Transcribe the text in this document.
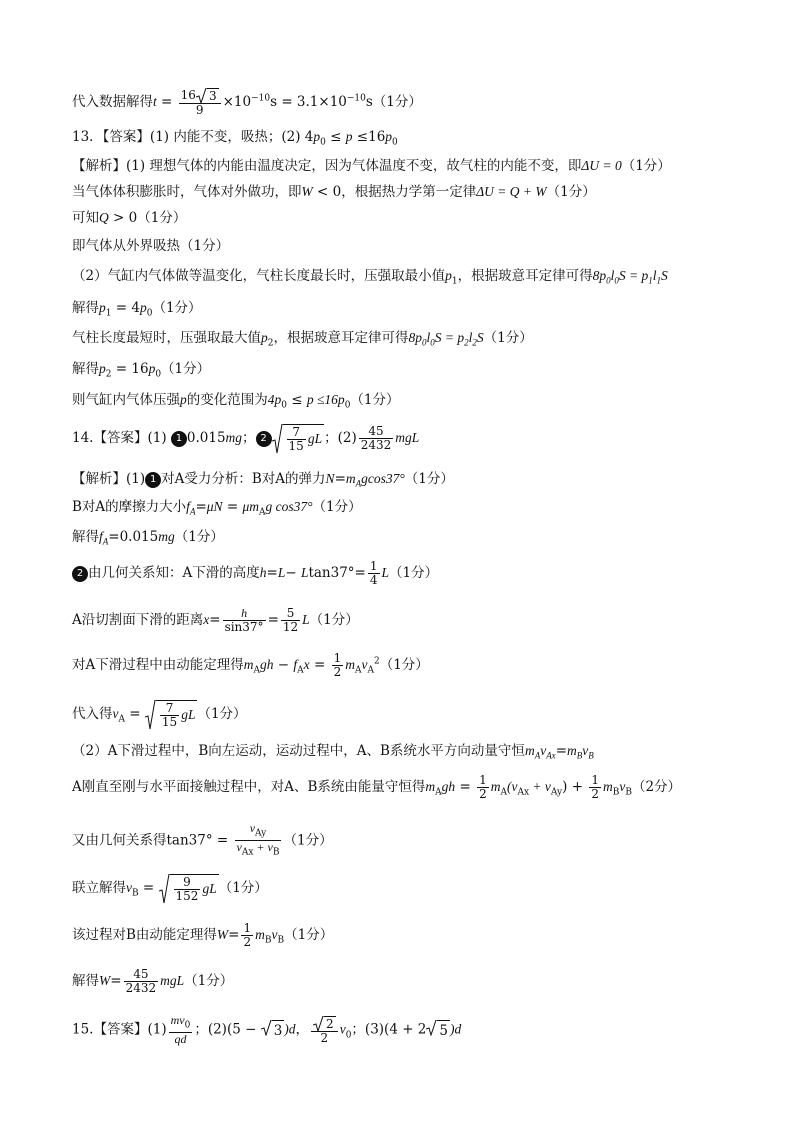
代入数据解得$t = \frac{16 3}{9} \times 10^{-10}s = 3.1\times 10^{-10}s(1$分）
13．【答案】(1) 内能不变，吸热；(2) $4p_0 \le p \le 16p_0$
【解析】(1) 理想气体的内能由温度决定，因为气体温度不变，故气柱的内能不变，即ΔU = 0（1分）
当气体体积膨胀时，气体对外做功，即W < 0，根据热力学第一定律ΔU = Q + W（1分）
可知Q > 0（1分）
即气体从外界吸热（1分）
（2）气缸内气体做等温变化，气柱长度最长时，压强取最小值$p_1$，根据玻意耳定律可得$8p_0l_0S = p_1l_1S$
解得$p_1 = 4p_0(1$分）
气柱长度最短时，压强取最大值$p_2$，根据玻意耳定律可得$8p_0l_0S = p_2l_2S(1$分）
解得$p_2 = 16p_0(1$分）
则气缸内气体压强p的变化范围为$4p_0 \le p \le 16p_0(1$分）
14.【答案】(1) 1 0.015mg； $2 \frac{7}{15}$ gL ；$(2) \frac{45}{2432}$ mgL
【解析】(1) 1 对A受力分析：B对A的弹力$N=m_Agcos37^\circ(1$分）
B对A的摩擦力大小$f_A=\mu N = \mu m_Ag$ cos37°（1分）
解得$f_A=0.015mg(1$分）
2 由几何关系知：A下滑的高度$h=L- Ltan37^\circ= \frac{1}{4} L(1$分）
A沿切割面下滑的距离$x= \frac{h}{\sin 37^\circ} = \frac{5}{12} L(1$分）
对A下滑过程中由动能定理得$m_Agh - f_Ax = \frac{1}{2} m_Av_A^2(1$分）
代入得$v_A = \frac{7}{15}$ gL （1分）
（2）A下滑过程中，B向左运动，运动过程中，A、B系统水平方向动量守恒$m_Av_{Ax}=m_Bv_B$
A刚直至刚与水平面接触过程中，对A、B系统由能量守恒得$m_Agh = \frac{1}{2} m_A(v_{Ax} + v_{Ay}) + \frac{1}{2} m_Bv_B(2$分）
又由几何关系得$\tan 37^\circ = \frac{v_{Ay}}{v_{Ax} + v_B} (1$分）
联立解得$v_B = \frac{9}{152}$ gL （1分）
该过程对B由动能定理得$W= \frac{1}{2} m_Bv_B(1$分）
解得$W= \frac{45}{2432} mgL(1$分）
15.【答案】$(1) \frac{mv_0}{qd}$ ；(2)(5 −
3 )d， $\frac{2}{2} v_0$；(3)(4 + 2 5 )d
